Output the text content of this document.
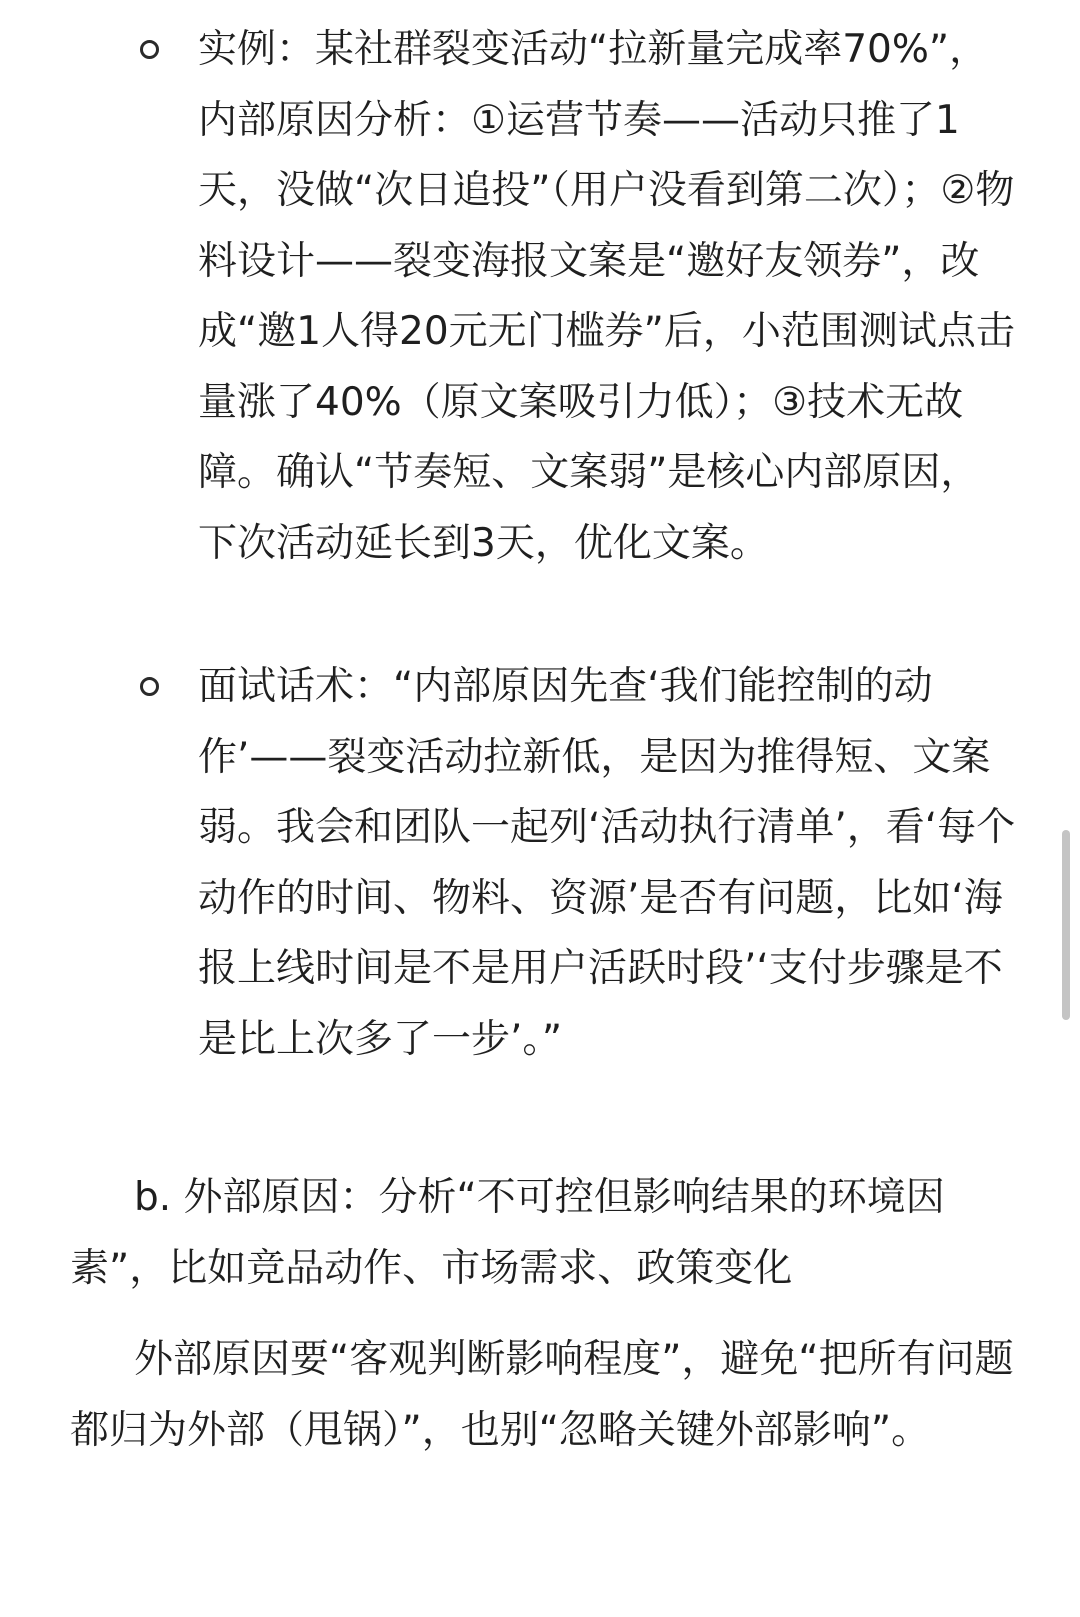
实例：某社群裂变活动“拉新量完成率70%”，内部原因分析：①运营节奏——活动只推了1天，没做“次日追投”（用户没看到第二次）；②物料设计——裂变海报文案是“邀好友领券”，改成“邀1人得20元无门槛券”后，小范围测试点击量涨了40%（原文案吸引力低）；③技术无故障。确认“节奏短、文案弱”是核心内部原因，下次活动延长到3天，优化文案。

面试话术：“内部原因先查‘我们能控制的动作’——裂变活动拉新低，是因为推得短、文案弱。我会和团队一起列‘活动执行清单’，看‘每个动作的时间、物料、资源’是否有问题，比如‘海报上线时间是不是用户活跃时段’‘支付步骤是不是比上次多了一步’。”

b. 外部原因：分析“不可控但影响结果的环境因素”，比如竞品动作、市场需求、政策变化

外部原因要“客观判断影响程度”，避免“把所有问题都归为外部（甩锅）”，也别“忽略关键外部影响”。
